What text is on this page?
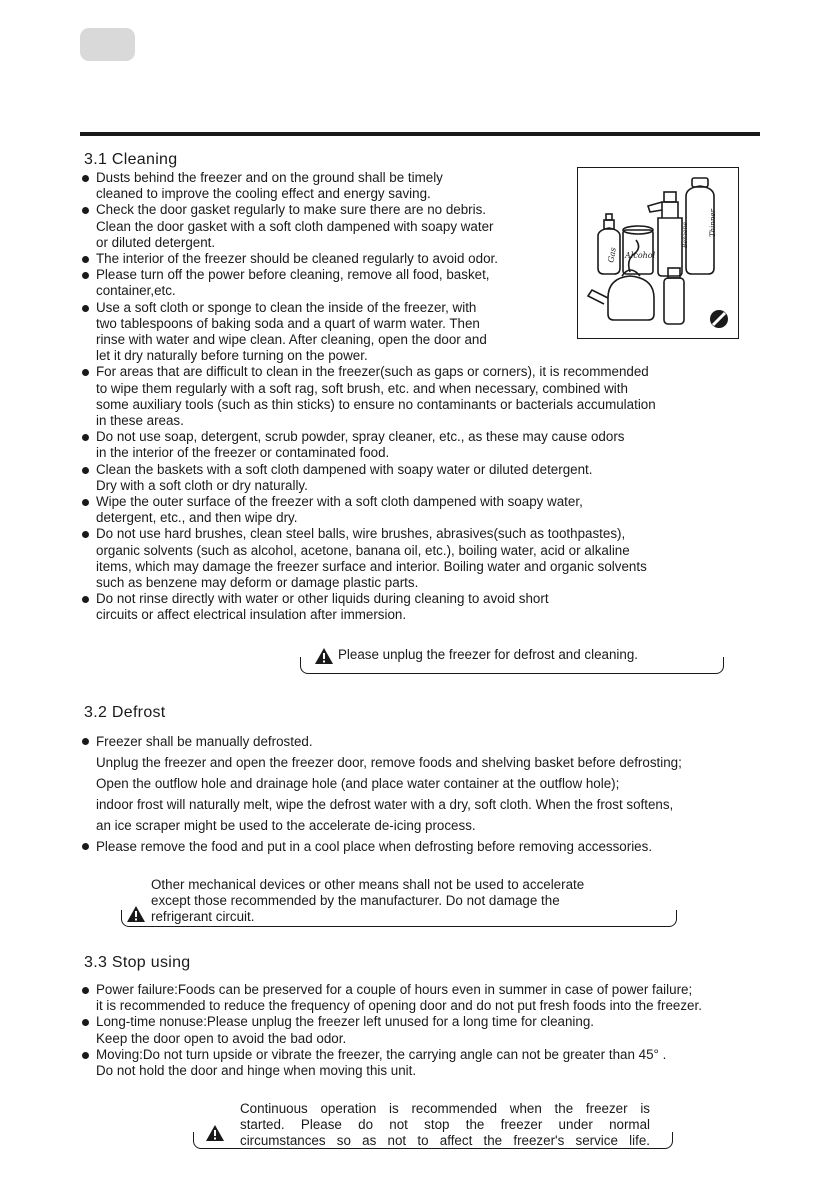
3.1 Cleaning
Gas Alcohol
Benzene	Thinner
Dusts behind the freezer and on the ground shall be timely
cleaned to improve the cooling effect and energy saving.
Check the door gasket regularly to make sure there are no debris.
Clean the door gasket with a soft cloth dampened with soapy water
or diluted detergent.
The interior of the freezer should be cleaned regularly to avoid odor.
Please turn off the power before cleaning, remove all food, basket,
container,etc.
Use a soft cloth or sponge to clean the inside of the freezer, with
two tablespoons of baking soda and a quart of warm water. Then
rinse with water and wipe clean. After cleaning, open the door and
let it dry naturally before turning on the power.
For areas that are difficult to clean in the freezer(such as gaps or corners), it is recommended
to wipe them regularly with a soft rag, soft brush, etc. and when necessary, combined with
some auxiliary tools (such as thin sticks) to ensure no contaminants or bacterials accumulation
in these areas.
Do not use soap, detergent, scrub powder, spray cleaner, etc., as these may cause odors
in the interior of the freezer or contaminated food.
Clean the baskets with a soft cloth dampened with soapy water or diluted detergent.
Dry with a soft cloth or dry naturally.
Wipe the outer surface of the freezer with a soft cloth dampened with soapy water,
detergent, etc., and then wipe dry.
Do not use hard brushes, clean steel balls, wire brushes, abrasives(such as toothpastes),
organic solvents (such as alcohol, acetone, banana oil, etc.), boiling water, acid or alkaline
items, which may damage the freezer surface and interior. Boiling water and organic solvents
such as benzene may deform or damage plastic parts.
Do not rinse directly with water or other liquids during cleaning to avoid short
circuits or affect electrical insulation after immersion.
Please unplug the freezer for defrost and cleaning.
3.2 Defrost
Freezer shall be manually defrosted.
Unplug the freezer and open the freezer door, remove foods and shelving basket before defrosting;
Open the outflow hole and drainage hole (and place water container at the outflow hole);
indoor frost will naturally melt, wipe the defrost water with a dry, soft cloth. When the frost softens,
an ice scraper might be used to the accelerate de-icing process.
Please remove the food and put in a cool place when defrosting before removing accessories.
Other mechanical devices or other means shall not be used to accelerate
except those recommended by the manufacturer. Do not damage the
refrigerant circuit.
3.3 Stop using
Power failure:Foods can be preserved for a couple of hours even in summer in case of power failure;
it is recommended to reduce the frequency of opening door and do not put fresh foods into the freezer.
Long-time nonuse:Please unplug the freezer left unused for a long time for cleaning.
Keep the door open to avoid the bad odor.
Moving:Do not turn upside or vibrate the freezer, the carrying angle can not be greater than 45° .
Do not hold the door and hinge when moving this unit.
Continuous operation is recommended when the freezer is
started. Please do not stop the freezer under normal
circumstances so as not to affect the freezer's service life.
